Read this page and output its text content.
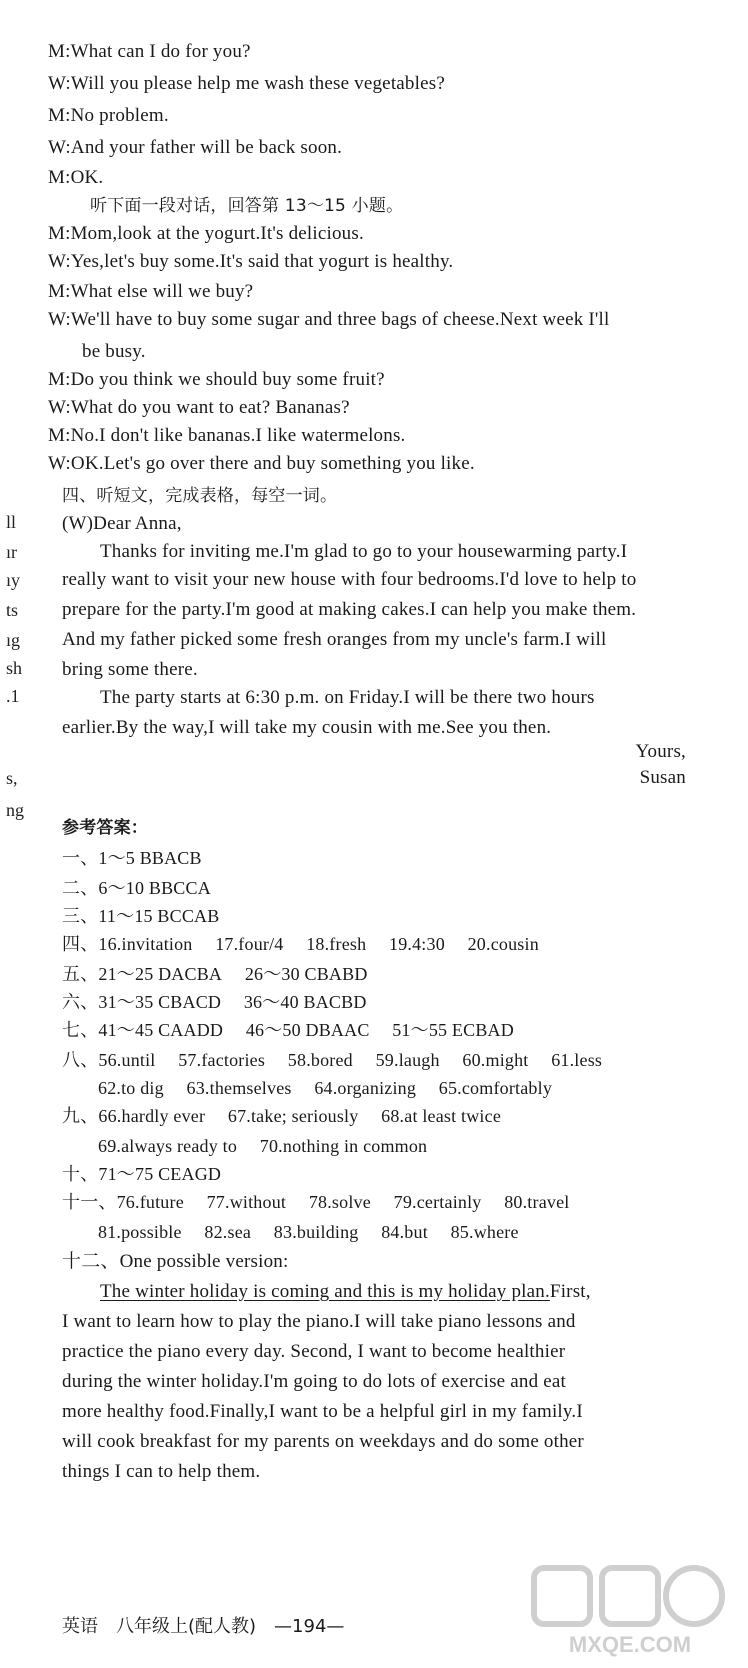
M:What can I do for you?
W:Will you please help me wash these vegetables?
M:No problem.
W:And your father will be back soon.
M:OK.
听下面一段对话，回答第 13～15 小题。
M:Mom,look at the yogurt.It's delicious.
W:Yes,let's buy some.It's said that yogurt is healthy.
M:What else will we buy?
W:We'll have to buy some sugar and three bags of cheese.Next week I'll
be busy.
M:Do you think we should buy some fruit?
W:What do you want to eat? Bananas?
M:No.I don't like bananas.I like watermelons.
W:OK.Let's go over there and buy something you like.
四、听短文，完成表格，每空一词。
(W)Dear Anna,
Thanks for inviting me.I'm glad to go to your housewarming party.I
really want to visit your new house with four bedrooms.I'd love to help to
prepare for the party.I'm good at making cakes.I can help you make them.
And my father picked some fresh oranges from my uncle's farm.I will
bring some there.
The party starts at 6:30 p.m. on Friday.I will be there two hours
earlier.By the way,I will take my cousin with me.See you then.
Yours,
Susan
ll
ır
ıy
ts
ıg
sh
.1
s,
ng
参考答案：
一、1～5 BBACB
二、6～10 BBCCA
三、11～15 BCCAB
四、16.invitation 17.four/4 18.fresh 19.4:30 20.cousin
五、21～25 DACBA 26～30 CBABD
六、31～35 CBACD 36～40 BACBD
七、41～45 CAADD 46～50 DBAAC 51～55 ECBAD
八、56.until 57.factories 58.bored 59.laugh 60.might 61.less
62.to dig 63.themselves 64.organizing 65.comfortably
九、66.hardly ever 67.take; seriously 68.at least twice
69.always ready to 70.nothing in common
十、71～75 CEAGD
十一、76.future 77.without 78.solve 79.certainly 80.travel
81.possible 82.sea 83.building 84.but 85.where
十二、One possible version:
The winter holiday is coming and this is my holiday plan.First,
I want to learn how to play the piano.I will take piano lessons and
practice the piano every day. Second, I want to become healthier
during the winter holiday.I'm going to do lots of exercise and eat
more healthy food.Finally,I want to be a helpful girl in my family.I
will cook breakfast for my parents on weekdays and do some other
things I can to help them.
英语　八年级上(配人教)　—194—
MXQE.COM
